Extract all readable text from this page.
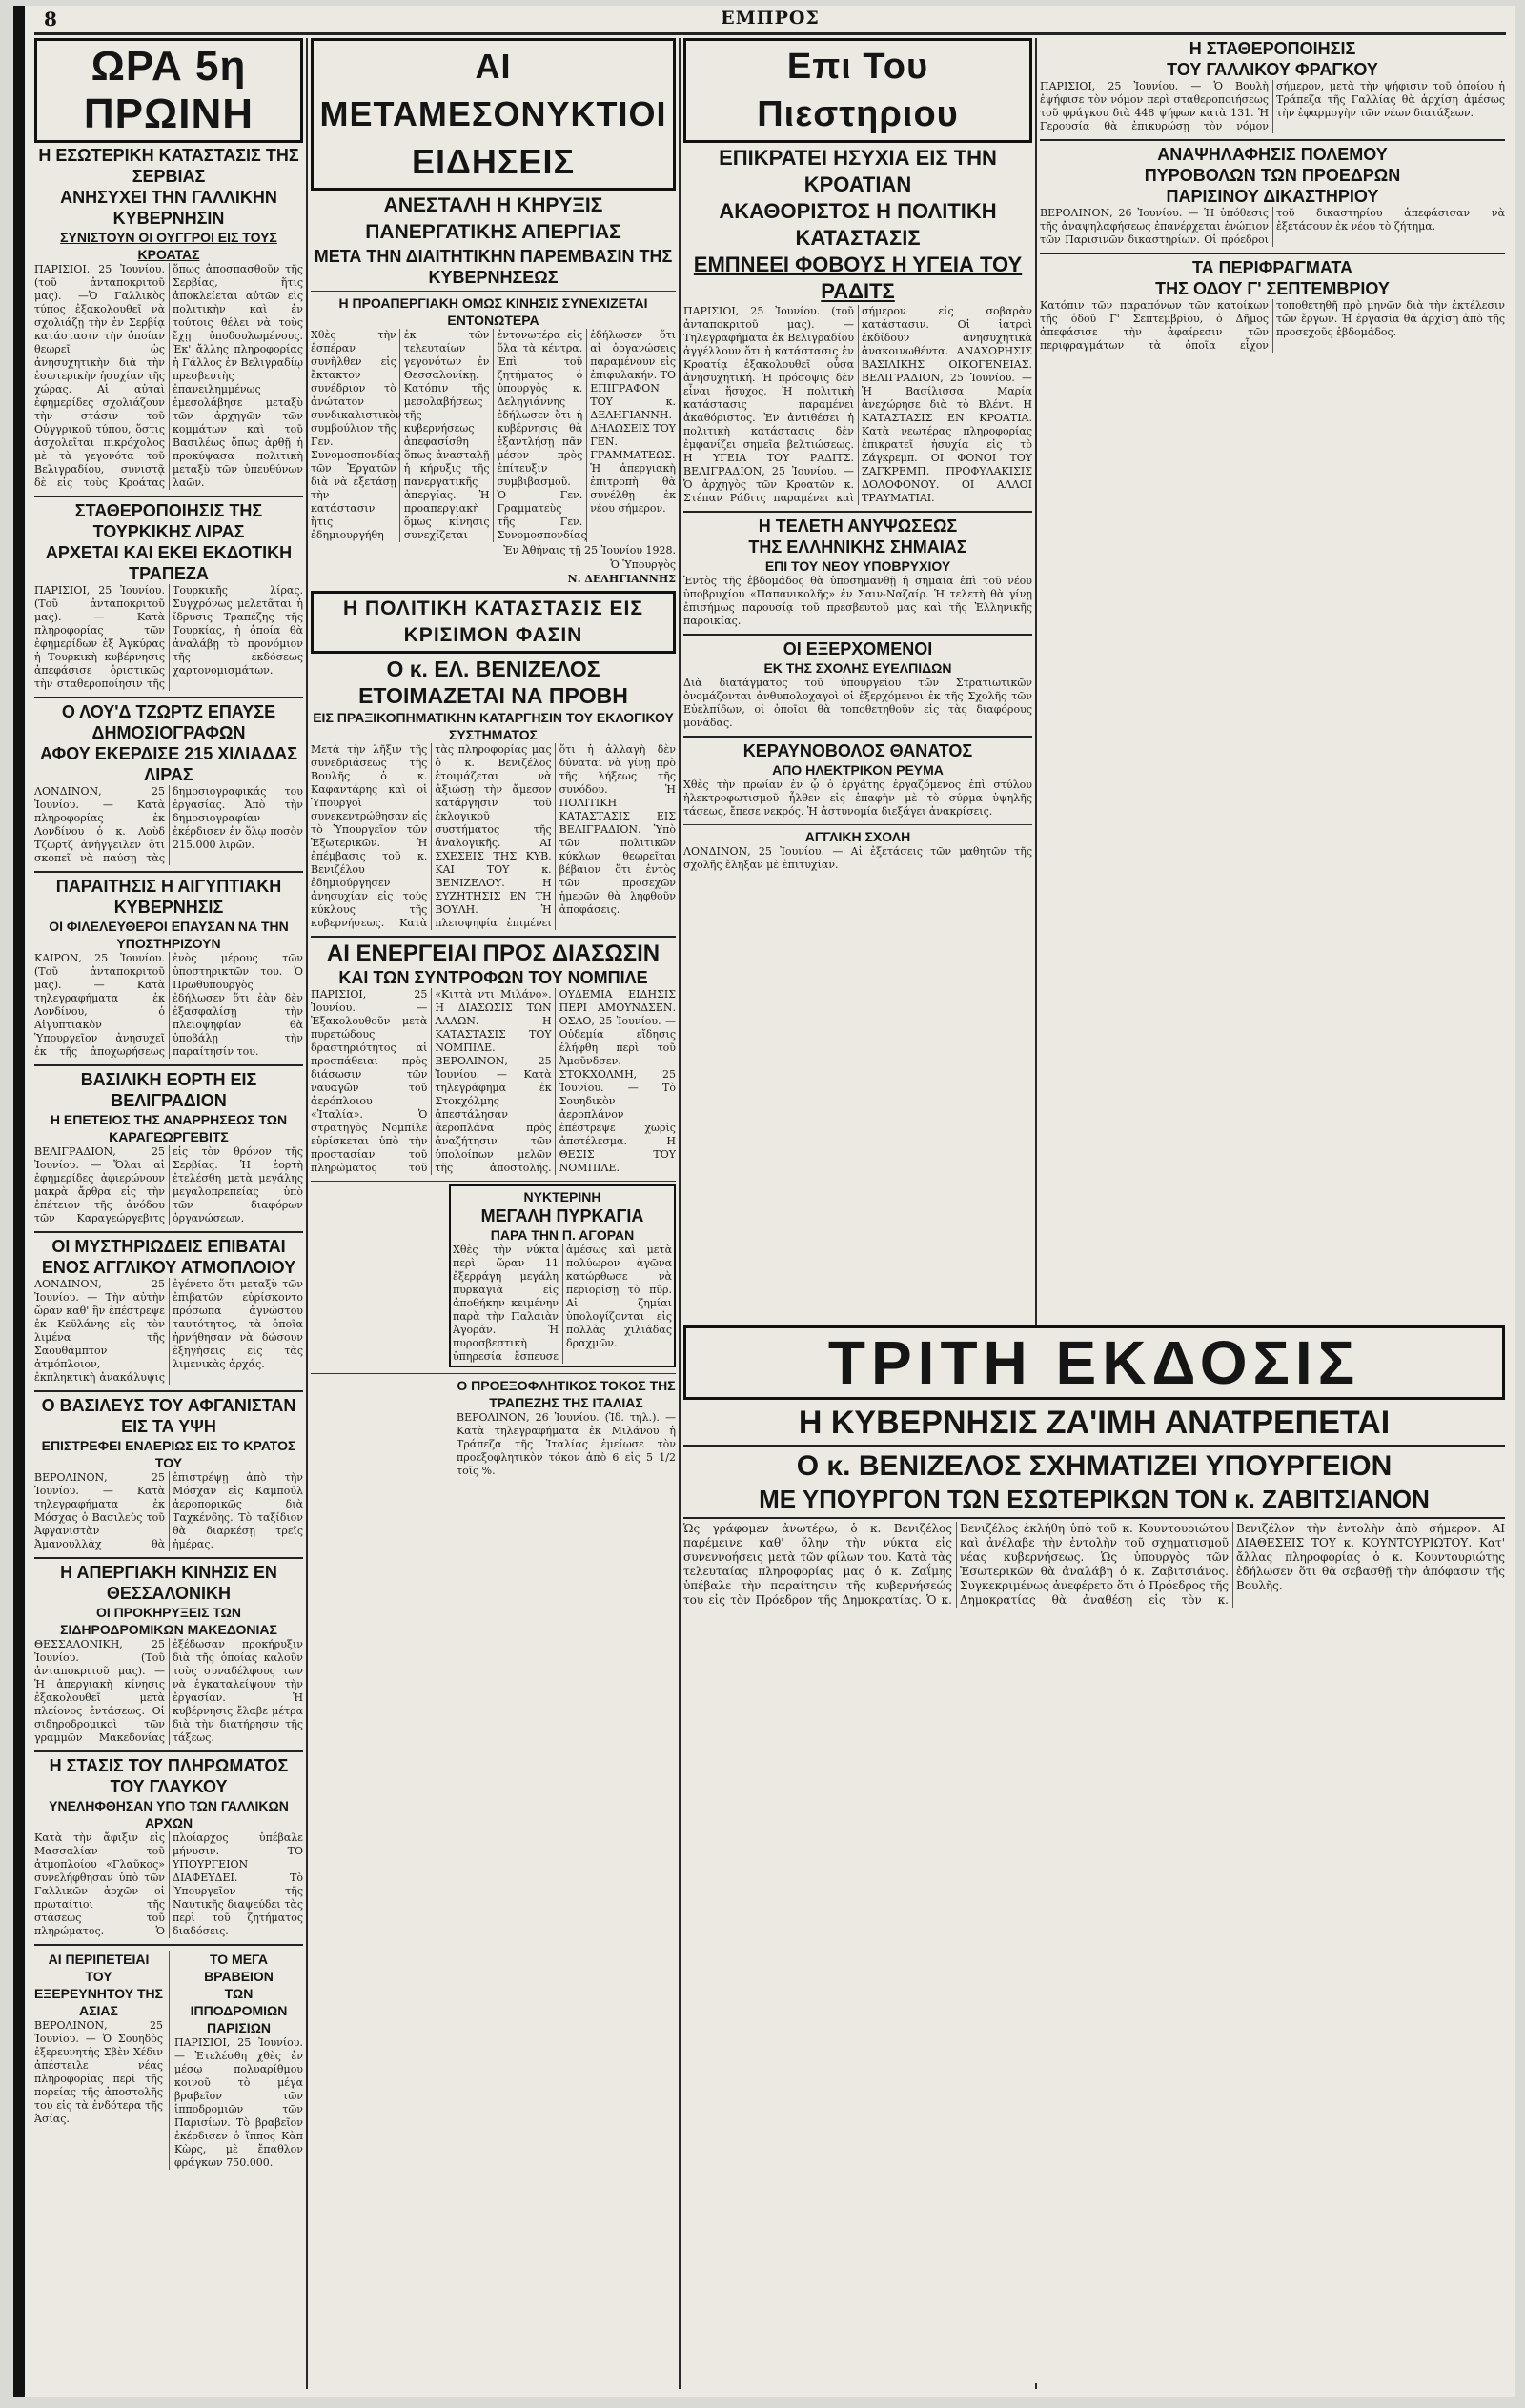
8	ΕΜΠΡΟΣ
ΩΡΑ 5η ΠΡΩΙΝΗ
Η ΕΣΩΤΕΡΙΚΗ ΚΑΤΑΣΤΑΣΙΣ ΤΗΣ ΣΕΡΒΙΑΣ
ΑΝΗΣΥΧΕΙ ΤΗΝ ΓΑΛΛΙΚΗΝ ΚΥΒΕΡΝΗΣΙΝ
ΣΥΝΙΣΤΟΥΝ ΟΙ ΟΥΓΓΡΟΙ ΕΙΣ ΤΟΥΣ ΚΡΟΑΤΑΣ
ΠΑΡΙΣΙΟΙ, 25 Ἰουνίου. (τοῦ ἀνταποκριτοῦ μας). —Ὁ Γαλλικὸς τύπος ἐξακολουθεῖ νὰ σχολιάζῃ τὴν ἐν Σερβίᾳ κατάστασιν τὴν ὁποίαν θεωρεῖ ὡς ἀνησυχητικὴν διὰ τὴν ἐσωτερικὴν ἡσυχίαν τῆς χώρας. Αἱ αὐταὶ ἐφημερίδες σχολιάζουν τὴν στάσιν τοῦ Οὐγγρικοῦ τύπου, ὅστις ἀσχολεῖται πικρόχολος μὲ τὰ γεγονότα τοῦ Βελιγραδίου, συνιστᾷ δὲ εἰς τοὺς Κροάτας ὅπως ἀποσπασθοῦν τῆς Σερβίας, ἥτις ἀποκλείεται αὐτῶν εἰς πολιτικὴν καὶ ἐν τούτοις θέλει νὰ τοὺς ἔχῃ ὑποδουλωμένους. Ἐκ' ἄλλης πληροφορίας ἡ Γάλλος ἐν Βελιγραδίῳ πρεσβευτὴς ἐπανειλημμένως ἐμεσολάβησε μεταξὺ τῶν ἀρχηγῶν τῶν κομμάτων καὶ τοῦ Βασιλέως ὅπως ἀρθῇ ἡ προκύψασα πολιτικὴ μεταξὺ τῶν ὑπευθύνων λαῶν.
ΣΤΑΘΕΡΟΠΟΙΗΣΙΣ ΤΗΣ ΤΟΥΡΚΙΚΗΣ ΛΙΡΑΣ
ΑΡΧΕΤΑΙ ΚΑΙ ΕΚΕΙ ΕΚΔΟΤΙΚΗ ΤΡΑΠΕΖΑ
ΠΑΡΙΣΙΟΙ, 25 Ἰουνίου. (Τοῦ ἀνταποκριτοῦ μας). — Κατὰ πληροφορίας τῶν ἐφημερίδων ἐξ Ἀγκύρας ἡ Τουρκικὴ κυβέρνησις ἀπεφάσισε ὁριστικῶς τὴν σταθεροποίησιν τῆς Τουρκικῆς λίρας. Συγχρόνως μελετᾶται ἡ ἵδρυσις Τραπέζης τῆς Τουρκίας, ἡ ὁποία θὰ ἀναλάβῃ τὸ προνόμιον τῆς ἐκδόσεως χαρτονομισμάτων.
Ο ΛΟΥ'Δ ΤΖΩΡΤΖ ΕΠΑΥΣΕ ΔΗΜΟΣΙΟΓΡΑΦΩΝ
ΑΦΟΥ ΕΚΕΡΔΙΣΕ 215 ΧΙΛΙΑΔΑΣ ΛΙΡΑΣ
ΛΟΝΔΙΝΟΝ, 25 Ἰουνίου. — Κατὰ πληροφορίας ἐκ Λονδίνου ὁ κ. Λοὺδ Τζὼρτζ ἀνήγγειλεν ὅτι σκοπεῖ νὰ παύσῃ τὰς δημοσιογραφικάς του ἐργασίας. Ἀπὸ τὴν δημοσιογραφίαν ἐκέρδισεν ἐν ὅλῳ ποσὸν 215.000 λιρῶν.
ΠΑΡΑΙΤΗΣΙΣ Η ΑΙΓΥΠΤΙΑΚΗ ΚΥΒΕΡΝΗΣΙΣ
ΟΙ ΦΙΛΕΛΕΥΘΕΡΟΙ ΕΠΑΥΣΑΝ ΝΑ ΤΗΝ ΥΠΟΣΤΗΡΙΖΟΥΝ
ΚΑΙΡΟΝ, 25 Ἰουνίου. (Τοῦ ἀνταποκριτοῦ μας). — Κατὰ τηλεγραφήματα ἐκ Λονδίνου, ὁ Αἰγυπτιακὸν Ὑπουργεῖον ἀνησυχεῖ ἐκ τῆς ἀποχωρήσεως ἐνὸς μέρους τῶν ὑποστηρικτῶν του. Ὁ Πρωθυπουργὸς ἐδήλωσεν ὅτι ἐὰν δὲν ἐξασφαλίσῃ τὴν πλειοψηφίαν θὰ ὑποβάλῃ τὴν παραίτησίν του.
ΒΑΣΙΛΙΚΗ ΕΟΡΤΗ ΕΙΣ ΒΕΛΙΓΡΑΔΙΟΝ
Η ΕΠΕΤΕΙΟΣ ΤΗΣ ΑΝΑΡΡΗΣΕΩΣ ΤΩΝ ΚΑΡΑΓΕΩΡΓΕΒΙΤΣ
ΒΕΛΙΓΡΑΔΙΟΝ, 25 Ἰουνίου. — Ὅλαι αἱ ἐφημερίδες ἀφιερώνουν μακρὰ ἄρθρα εἰς τὴν ἐπέτειον τῆς ἀνόδου τῶν Καραγεώργεβιτς εἰς τὸν θρόνον τῆς Σερβίας. Ἡ ἑορτὴ ἐτελέσθη μετὰ μεγάλης μεγαλοπρεπείας ὑπὸ τῶν διαφόρων ὀργανώσεων.
ΟΙ ΜΥΣΤΗΡΙΩΔΕΙΣ ΕΠΙΒΑΤΑΙ
ΕΝΟΣ ΑΓΓΛΙΚΟΥ ΑΤΜΟΠΛΟΙΟΥ
ΛΟΝΔΙΝΟΝ, 25 Ἰουνίου. — Τὴν αὐτὴν ὥραν καθ' ἣν ἐπέστρεψε ἐκ Κεϋλάνης εἰς τὸν λιμένα τῆς Σαουθάμπτον ἀτμόπλοιον, ἐκπληκτικὴ ἀνακάλυψις ἐγένετο ὅτι μεταξὺ τῶν ἐπιβατῶν εὑρίσκοντο πρόσωπα ἀγνώστου ταυτότητος, τὰ ὁποῖα ἠρνήθησαν νὰ δώσουν ἐξηγήσεις εἰς τὰς λιμενικὰς ἀρχάς.
Ο ΒΑΣΙΛΕΥΣ ΤΟΥ ΑΦΓΑΝΙΣΤΑΝ ΕΙΣ ΤΑ ΥΨΗ
ΕΠΙΣΤΡΕΦΕΙ ΕΝΑΕΡΙΩΣ ΕΙΣ ΤΟ ΚΡΑΤΟΣ ΤΟΥ
ΒΕΡΟΛΙΝΟΝ, 25 Ἰουνίου. — Κατὰ τηλεγραφήματα ἐκ Μόσχας ὁ Βασιλεὺς τοῦ Ἀφγανιστὰν Ἀμανουλλὰχ θὰ ἐπιστρέψῃ ἀπὸ τὴν Μόσχαν εἰς Καμπούλ ἀεροπορικῶς διὰ Ταχκένδης. Τὸ ταξίδιον θὰ διαρκέσῃ τρεῖς ἡμέρας.
Η ΑΠΕΡΓΙΑΚΗ ΚΙΝΗΣΙΣ ΕΝ ΘΕΣΣΑΛΟΝΙΚΗ
ΟΙ ΠΡΟΚΗΡΥΞΕΙΣ ΤΩΝ ΣΙΔΗΡΟΔΡΟΜΙΚΩΝ ΜΑΚΕΔΟΝΙΑΣ
ΘΕΣΣΑΛΟΝΙΚΗ, 25 Ἰουνίου. (Τοῦ ἀνταποκριτοῦ μας). — Ἡ ἀπεργιακὴ κίνησις ἐξακολουθεῖ μετὰ πλείονος ἐντάσεως. Οἱ σιδηροδρομικοὶ τῶν γραμμῶν Μακεδονίας ἐξέδωσαν προκήρυξιν διὰ τῆς ὁποίας καλοῦν τοὺς συναδέλφους των νὰ ἐγκαταλείψουν τὴν ἐργασίαν. Ἡ κυβέρνησις ἔλαβε μέτρα διὰ τὴν διατήρησιν τῆς τάξεως.
Η ΣΤΑΣΙΣ ΤΟΥ ΠΛΗΡΩΜΑΤΟΣ ΤΟΥ ΓΛΑΥΚΟΥ
ΥΝΕΛΗΦΘΗΣΑΝ ΥΠΟ ΤΩΝ ΓΑΛΛΙΚΩΝ ΑΡΧΩΝ
Κατὰ τὴν ἄφιξιν εἰς Μασσαλίαν τοῦ ἀτμοπλοίου «Γλαῦκος» συνελήφθησαν ὑπὸ τῶν Γαλλικῶν ἀρχῶν οἱ πρωταίτιοι τῆς στάσεως τοῦ πληρώματος. Ὁ πλοίαρχος ὑπέβαλε μήνυσιν. ΤΟ ΥΠΟΥΡΓΕΙΟΝ ΔΙΑΦΕΥΔΕΙ. Τὸ Ὑπουργεῖον τῆς Ναυτικῆς διαψεύδει τὰς περὶ τοῦ ζητήματος διαδόσεις.
ΑΙ ΠΕΡΙΠΕΤΕΙΑΙ
ΤΟΥ ΕΞΕΡΕΥΝΗΤΟΥ ΤΗΣ ΑΣΙΑΣ
ΒΕΡΟΛΙΝΟΝ, 25 Ἰουνίου. — Ὁ Σουηδὸς ἐξερευνητὴς Σβὲν Χέδιν ἀπέστειλε νέας πληροφορίας περὶ τῆς πορείας τῆς ἀποστολῆς του εἰς τὰ ἐνδότερα τῆς Ἀσίας.
ΤΟ ΜΕΓΑ ΒΡΑΒΕΙΟΝ
ΤΩΝ ΙΠΠΟΔΡΟΜΙΩΝ ΠΑΡΙΣΙΩΝ
ΠΑΡΙΣΙΟΙ, 25 Ἰουνίου. — Ἐτελέσθη χθὲς ἐν μέσῳ πολυαρίθμου κοινοῦ τὸ μέγα βραβεῖον τῶν ἱπποδρομιῶν τῶν Παρισίων. Τὸ βραβεῖον ἐκέρδισεν ὁ ἵππος Κὰπ Κὼρς, μὲ ἔπαθλον φράγκων 750.000.
ΑΙ ΜΕΤΑΜΕΣΟΝΥΚΤΙΟΙ ΕΙΔΗΣΕΙΣ
ΑΝΕΣΤΑΛΗ Η ΚΗΡΥΞΙΣ ΠΑΝΕΡΓΑΤΙΚΗΣ ΑΠΕΡΓΙΑΣ
ΜΕΤΑ ΤΗΝ ΔΙΑΙΤΗΤΙΚΗΝ ΠΑΡΕΜΒΑΣΙΝ ΤΗΣ ΚΥΒΕΡΝΗΣΕΩΣ
Η ΠΡΟΑΠΕΡΓΙΑΚΗ ΟΜΩΣ ΚΙΝΗΣΙΣ ΣΥΝΕΧΙΖΕΤΑΙ ΕΝΤΟΝΩΤΕΡΑ
Χθὲς τὴν ἑσπέραν συνῆλθεν εἰς ἔκτακτον συνέδριον τὸ ἀνώτατον συνδικαλιστικὸν συμβούλιον τῆς Γεν. Συνομοσπονδίας τῶν Ἐργατῶν διὰ νὰ ἐξετάσῃ τὴν κατάστασιν ἥτις ἐδημιουργήθη ἐκ τῶν τελευταίων γεγονότων ἐν Θεσσαλονίκῃ. Κατόπιν τῆς μεσολαβήσεως τῆς κυβερνήσεως ἀπεφασίσθη ὅπως ἀνασταλῇ ἡ κήρυξις τῆς πανεργατικῆς ἀπεργίας. Ἡ προαπεργιακὴ ὅμως κίνησις συνεχίζεται ἐντονωτέρα εἰς ὅλα τὰ κέντρα. Ἐπὶ τοῦ ζητήματος ὁ ὑπουργὸς κ. Δεληγιάννης ἐδήλωσεν ὅτι ἡ κυβέρνησις θὰ ἐξαντλήσῃ πᾶν μέσον πρὸς ἐπίτευξιν συμβιβασμοῦ. Ὁ Γεν. Γραμματεὺς τῆς Γεν. Συνομοσπονδίας ἐδήλωσεν ὅτι αἱ ὀργανώσεις παραμένουν εἰς ἐπιφυλακήν. ΤΟ ΕΠΙΓΡΑΦΟΝ ΤΟΥ κ. ΔΕΛΗΓΙΑΝΝΗ. ΔΗΛΩΣΕΙΣ ΤΟΥ ΓΕΝ. ΓΡΑΜΜΑΤΕΩΣ. Ἡ ἀπεργιακὴ ἐπιτροπὴ θὰ συνέλθῃ ἐκ νέου σήμερον.
Ἐν Ἀθήναις τῇ 25 Ἰουνίου 1928.
Ὁ Ὑπουργὸς
Ν. ΔΕΛΗΓΙΑΝΝΗΣ
Η ΠΟΛΙΤΙΚΗ ΚΑΤΑΣΤΑΣΙΣ ΕΙΣ ΚΡΙΣΙΜΟΝ ΦΑΣΙΝ
Ο κ. ΕΛ. ΒΕΝΙΖΕΛΟΣ ΕΤΟΙΜΑΖΕΤΑΙ ΝΑ ΠΡΟΒΗ
ΕΙΣ ΠΡΑΞΙΚΟΠΗΜΑΤΙΚΗΝ ΚΑΤΑΡΓΗΣΙΝ ΤΟΥ ΕΚΛΟΓΙΚΟΥ ΣΥΣΤΗΜΑΤΟΣ
Μετὰ τὴν λῆξιν τῆς συνεδριάσεως τῆς Βουλῆς ὁ κ. Καφαντάρης καὶ οἱ Ὑπουργοὶ συνεκεντρώθησαν εἰς τὸ Ὑπουργεῖον τῶν Ἐξωτερικῶν. Ἡ ἐπέμβασις τοῦ κ. Βενιζέλου ἐδημιούργησεν ἀνησυχίαν εἰς τοὺς κύκλους τῆς κυβερνήσεως. Κατὰ τὰς πληροφορίας μας ὁ κ. Βενιζέλος ἐτοιμάζεται νὰ ἀξιώσῃ τὴν ἄμεσον κατάργησιν τοῦ ἐκλογικοῦ συστήματος τῆς ἀναλογικῆς. ΑΙ ΣΧΕΣΕΙΣ ΤΗΣ ΚΥΒ. ΚΑΙ ΤΟΥ κ. ΒΕΝΙΖΕΛΟΥ. Η ΣΥΖΗΤΗΣΙΣ ΕΝ ΤΗ ΒΟΥΛΗ. Ἡ πλειοψηφία ἐπιμένει ὅτι ἡ ἀλλαγὴ δὲν δύναται νὰ γίνῃ πρὸ τῆς λήξεως τῆς συνόδου. Ἡ ΠΟΛΙΤΙΚΗ ΚΑΤΑΣΤΑΣΙΣ ΕΙΣ ΒΕΛΙΓΡΑΔΙΟΝ. Ὑπὸ τῶν πολιτικῶν κύκλων θεωρεῖται βέβαιον ὅτι ἐντὸς τῶν προσεχῶν ἡμερῶν θὰ ληφθοῦν ἀποφάσεις.
ΑΙ ΕΝΕΡΓΕΙΑΙ ΠΡΟΣ ΔΙΑΣΩΣΙΝ
ΚΑΙ ΤΩΝ ΣΥΝΤΡΟΦΩΝ ΤΟΥ ΝΟΜΠΙΛΕ
ΠΑΡΙΣΙΟΙ, 25 Ἰουνίου. — Ἐξακολουθοῦν μετὰ πυρετώδους δραστηριότητος αἱ προσπάθειαι πρὸς διάσωσιν τῶν ναυαγῶν τοῦ ἀερόπλοιου «Ἰταλία». Ὁ στρατηγὸς Νομπίλε εὑρίσκεται ὑπὸ τὴν προστασίαν τοῦ πληρώματος τοῦ «Κιττὰ ντι Μιλάνο». Η ΔΙΑΣΩΣΙΣ ΤΩΝ ΑΛΛΩΝ. Η ΚΑΤΑΣΤΑΣΙΣ ΤΟΥ ΝΟΜΠΙΛΕ. ΒΕΡΟΛΙΝΟΝ, 25 Ἰουνίου. — Κατὰ τηλεγράφημα ἐκ Στοκχόλμης ἀπεστάλησαν ἀεροπλάνα πρὸς ἀναζήτησιν τῶν ὑπολοίπων μελῶν τῆς ἀποστολῆς. ΟΥΔΕΜΙΑ ΕΙΔΗΣΙΣ ΠΕΡΙ ΑΜΟΥΝΔΣΕΝ. ΟΣΛΟ, 25 Ἰουνίου. — Οὐδεμία εἴδησις ἐλήφθη περὶ τοῦ Ἀμοῦνδσεν. ΣΤΟΚΧΟΛΜΗ, 25 Ἰουνίου. — Τὸ Σουηδικὸν ἀεροπλάνον ἐπέστρεψε χωρὶς ἀποτέλεσμα. Η ΘΕΣΙΣ ΤΟΥ ΝΟΜΠΙΛΕ.
ΝΥΚΤΕΡΙΝΗ
ΜΕΓΑΛΗ ΠΥΡΚΑΓΙΑ
ΠΑΡΑ ΤΗΝ Π. ΑΓΟΡΑΝ
Χθὲς τὴν νύκτα περὶ ὥραν 11 ἐξερράγη μεγάλη πυρκαγιὰ εἰς ἀποθήκην κειμένην παρὰ τὴν Παλαιὰν Ἀγοράν. Ἡ πυροσβεστικὴ ὑπηρεσία ἔσπευσε ἀμέσως καὶ μετὰ πολύωρον ἀγῶνα κατώρθωσε νὰ περιορίσῃ τὸ πῦρ. Αἱ ζημίαι ὑπολογίζονται εἰς πολλὰς χιλιάδας δραχμῶν.
Ο ΠΡΟΕΞΟΦΛΗΤΙΚΟΣ ΤΟΚΟΣ ΤΗΣ ΤΡΑΠΕΖΗΣ ΤΗΣ ΙΤΑΛΙΑΣ
ΒΕΡΟΛΙΝΟΝ, 26 Ἰουνίου. (Ἰδ. τηλ.). — Κατὰ τηλεγραφήματα ἐκ Μιλάνου ἡ Τράπεζα τῆς Ἰταλίας ἐμείωσε τὸν προεξοφλητικὸν τόκον ἀπὸ 6 εἰς 5 1/2 τοῖς %.
Επι Του Πιεστηριου
ΕΠΙΚΡΑΤΕΙ ΗΣΥΧΙΑ ΕΙΣ ΤΗΝ ΚΡΟΑΤΙΑΝ
ΑΚΑΘΟΡΙΣΤΟΣ Η ΠΟΛΙΤΙΚΗ ΚΑΤΑΣΤΑΣΙΣ
ΕΜΠΝΕΕΙ ΦΟΒΟΥΣ Η ΥΓΕΙΑ ΤΟΥ ΡΑΔΙΤΣ
ΠΑΡΙΣΙΟΙ, 25 Ἰουνίου. (τοῦ ἀνταποκριτοῦ μας). — Τηλεγραφήματα ἐκ Βελιγραδίου ἀγγέλλουν ὅτι ἡ κατάστασις ἐν Κροατίᾳ ἐξακολουθεῖ οὖσα ἀνησυχητική. Ἡ πρόσοψις δὲν εἶναι ἥσυχος. Ἡ πολιτικὴ κατάστασις παραμένει ἀκαθόριστος. Ἐν ἀντιθέσει ἡ πολιτικὴ κατάστασις δὲν ἐμφανίζει σημεῖα βελτιώσεως. Η ΥΓΕΙΑ ΤΟΥ ΡΑΔΙΤΣ. ΒΕΛΙΓΡΑΔΙΟΝ, 25 Ἰουνίου. — Ὁ ἀρχηγὸς τῶν Κροατῶν κ. Στέπαν Ράδιτς παραμένει καὶ σήμερον εἰς σοβαρὰν κατάστασιν. Οἱ ἰατροὶ ἐκδίδουν ἀνησυχητικὰ ἀνακοινωθέντα. ΑΝΑΧΩΡΗΣΙΣ ΒΑΣΙΛΙΚΗΣ ΟΙΚΟΓΕΝΕΙΑΣ. ΒΕΛΙΓΡΑΔΙΟΝ, 25 Ἰουνίου. — Ἡ Βασίλισσα Μαρία ἀνεχώρησε διὰ τὸ Βλέντ. Η ΚΑΤΑΣΤΑΣΙΣ ΕΝ ΚΡΟΑΤΙΑ. Κατὰ νεωτέρας πληροφορίας ἐπικρατεῖ ἡσυχία εἰς τὸ Ζάγκρεμπ. ΟΙ ΦΟΝΟΙ ΤΟΥ ΖΑΓΚΡΕΜΠ. ΠΡΟΦΥΛΑΚΙΣΙΣ ΔΟΛΟΦΟΝΟΥ. ΟΙ ΑΛΛΟΙ ΤΡΑΥΜΑΤΙΑΙ.
Η ΤΕΛΕΤΗ ΑΝΥΨΩΣΕΩΣ
ΤΗΣ ΕΛΛΗΝΙΚΗΣ ΣΗΜΑΙΑΣ
ΕΠΙ ΤΟΥ ΝΕΟΥ ΥΠΟΒΡΥΧΙΟΥ
Ἐντὸς τῆς ἑβδομάδος θὰ ὑποσημανθῇ ἡ σημαία ἐπὶ τοῦ νέου ὑποβρυχίου «Παπανικολῆς» ἐν Σαιν-Ναζαίρ. Ἡ τελετὴ θὰ γίνῃ ἐπισήμως παρουσίᾳ τοῦ πρεσβευτοῦ μας καὶ τῆς Ἑλληνικῆς παροικίας.
ΟΙ ΕΞΕΡΧΟΜΕΝΟΙ
ΕΚ ΤΗΣ ΣΧΟΛΗΣ ΕΥΕΛΠΙΔΩΝ
Διὰ διατάγματος τοῦ ὑπουργείου τῶν Στρατιωτικῶν ὀνομάζονται ἀνθυπολοχαγοὶ οἱ ἐξερχόμενοι ἐκ τῆς Σχολῆς τῶν Εὐελπίδων, οἱ ὁποῖοι θὰ τοποθετηθοῦν εἰς τὰς διαφόρους μονάδας.
ΚΕΡΑΥΝΟΒΟΛΟΣ ΘΑΝΑΤΟΣ
ΑΠΟ ΗΛΕΚΤΡΙΚΟΝ ΡΕΥΜΑ
Χθὲς τὴν πρωίαν ἐν ᾧ ὁ ἐργάτης ἐργαζόμενος ἐπὶ στύλου ἠλεκτροφωτισμοῦ ἦλθεν εἰς ἐπαφὴν μὲ τὸ σύρμα ὑψηλῆς τάσεως, ἔπεσε νεκρός. Ἡ ἀστυνομία διεξάγει ἀνακρίσεις.
ΑΓΓΛΙΚΗ ΣΧΟΛΗ
ΛΟΝΔΙΝΟΝ, 25 Ἰουνίου. — Αἱ ἐξετάσεις τῶν μαθητῶν τῆς σχολῆς ἔληξαν μὲ ἐπιτυχίαν.
Η ΣΤΑΘΕΡΟΠΟΙΗΣΙΣ
ΤΟΥ ΓΑΛΛΙΚΟΥ ΦΡΑΓΚΟΥ
ΠΑΡΙΣΙΟΙ, 25 Ἰουνίου. — Ὁ Βουλὴ ἐψήφισε τὸν νόμον περὶ σταθεροποιήσεως τοῦ φράγκου διὰ 448 ψήφων κατὰ 131. Ἡ Γερουσία θὰ ἐπικυρώσῃ τὸν νόμον σήμερον, μετὰ τὴν ψήφισιν τοῦ ὁποίου ἡ Τράπεζα τῆς Γαλλίας θὰ ἀρχίσῃ ἀμέσως τὴν ἐφαρμογὴν τῶν νέων διατάξεων.
ΑΝΑΨΗΛΑΦΗΣΙΣ ΠΟΛΕΜΟΥ
ΠΥΡΟΒΟΛΩΝ ΤΩΝ ΠΡΟΕΔΡΩΝ
ΠΑΡΙΣΙΝΟΥ ΔΙΚΑΣΤΗΡΙΟΥ
ΒΕΡΟΛΙΝΟΝ, 26 Ἰουνίου. — Ἡ ὑπόθεσις τῆς ἀναψηλαφήσεως ἐπανέρχεται ἐνώπιον τῶν Παρισινῶν δικαστηρίων. Οἱ πρόεδροι τοῦ δικαστηρίου ἀπεφάσισαν νὰ ἐξετάσουν ἐκ νέου τὸ ζήτημα.
ΤΑ ΠΕΡΙΦΡΑΓΜΑΤΑ
ΤΗΣ ΟΔΟΥ Γ' ΣΕΠΤΕΜΒΡΙΟΥ
Κατόπιν τῶν παραπόνων τῶν κατοίκων τῆς ὁδοῦ Γ' Σεπτεμβρίου, ὁ Δῆμος ἀπεφάσισε τὴν ἀφαίρεσιν τῶν περιφραγμάτων τὰ ὁποῖα εἶχον τοποθετηθῆ πρὸ μηνῶν διὰ τὴν ἐκτέλεσιν τῶν ἔργων. Ἡ ἐργασία θὰ ἀρχίσῃ ἀπὸ τῆς προσεχοῦς ἑβδομάδος.
ΤΡΙΤΗ ΕΚΔΟΣΙΣ
Η ΚΥΒΕΡΝΗΣΙΣ ΖΑ'ΙΜΗ ΑΝΑΤΡΕΠΕΤΑΙ
Ο κ. ΒΕΝΙΖΕΛΟΣ ΣΧΗΜΑΤΙΖΕΙ ΥΠΟΥΡΓΕΙΟΝ
ΜΕ ΥΠΟΥΡΓΟΝ ΤΩΝ ΕΣΩΤΕΡΙΚΩΝ ΤΟΝ κ. ΖΑΒΙΤΣΙΑΝΟΝ
Ὡς γράφομεν ἀνωτέρω, ὁ κ. Βενιζέλος παρέμεινε καθ' ὅλην τὴν νύκτα εἰς συνεννοήσεις μετὰ τῶν φίλων του. Κατὰ τὰς τελευταίας πληροφορίας μας ὁ κ. Ζαΐμης ὑπέβαλε τὴν παραίτησιν τῆς κυβερνήσεώς του εἰς τὸν Πρόεδρον τῆς Δημοκρατίας. Ὁ κ. Βενιζέλος ἐκλήθη ὑπὸ τοῦ κ. Κουντουριώτου καὶ ἀνέλαβε τὴν ἐντολὴν τοῦ σχηματισμοῦ νέας κυβερνήσεως. Ὡς ὑπουργὸς τῶν Ἐσωτερικῶν θὰ ἀναλάβῃ ὁ κ. Ζαβιτσιάνος. Συγκεκριμένως ἀνεφέρετο ὅτι ὁ Πρόεδρος τῆς Δημοκρατίας θὰ ἀναθέσῃ εἰς τὸν κ. Βενιζέλον τὴν ἐντολὴν ἀπὸ σήμερον. ΑΙ ΔΙΑΘΕΣΕΙΣ ΤΟΥ κ. ΚΟΥΝΤΟΥΡΙΩΤΟΥ. Κατ' ἄλλας πληροφορίας ὁ κ. Κουντουριώτης ἐδήλωσεν ὅτι θὰ σεβασθῇ τὴν ἀπόφασιν τῆς Βουλῆς.
